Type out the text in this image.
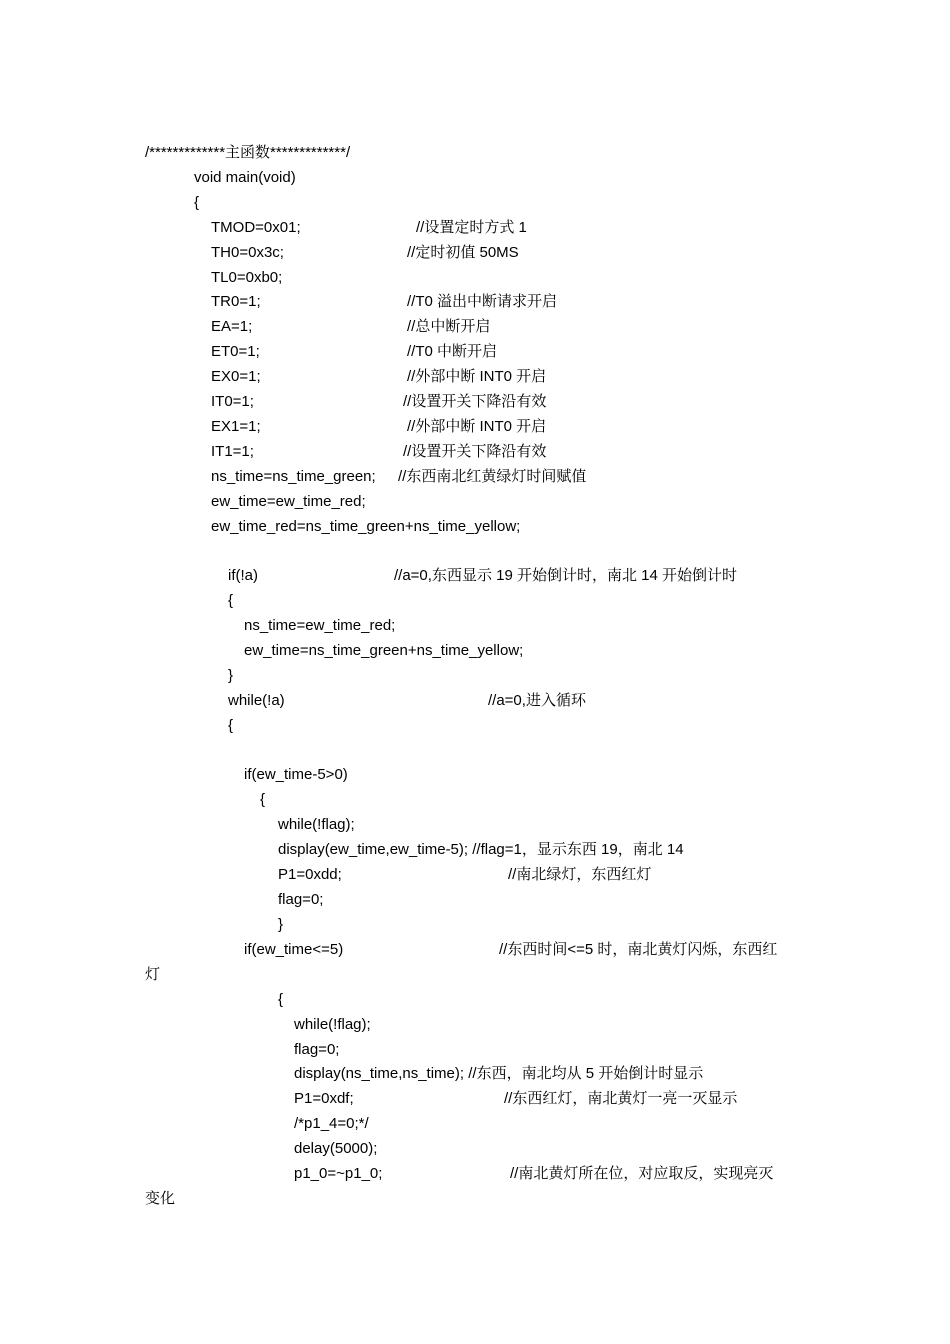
/*************主函数*************/
void main(void)
{
TMOD=0x01;	//设置定时方式 1
TH0=0x3c;	//定时初值 50MS
TL0=0xb0;
TR0=1;	//T0 溢出中断请求开启
EA=1;	//总中断开启
ET0=1;	//T0 中断开启
EX0=1;	//外部中断 INT0 开启
IT0=1;	//设置开关下降沿有效
EX1=1;	//外部中断 INT0 开启
IT1=1;	//设置开关下降沿有效
ns_time=ns_time_green; //东西南北红黄绿灯时间赋值
ew_time=ew_time_red;
ew_time_red=ns_time_green+ns_time_yellow;
if(!a)	//a=0,东西显示 19 开始倒计时，南北 14 开始倒计时
{
ns_time=ew_time_red;
ew_time=ns_time_green+ns_time_yellow;
}
while(!a)	//a=0,进入循环
{
if(ew_time-5>0)
{
while(!flag);
display(ew_time,ew_time-5); //flag=1，显示东西 19，南北 14
P1=0xdd;	//南北绿灯，东西红灯
flag=0;
}
if(ew_time<=5)	//东西时间<=5 时，南北黄灯闪烁，东西红
灯
{
while(!flag);
flag=0;
display(ns_time,ns_time); //东西，南北均从 5 开始倒计时显示
P1=0xdf;	//东西红灯，南北黄灯一亮一灭显示
/*p1_4=0;*/
delay(5000);
p1_0=~p1_0;	//南北黄灯所在位，对应取反，实现亮灭
变化
